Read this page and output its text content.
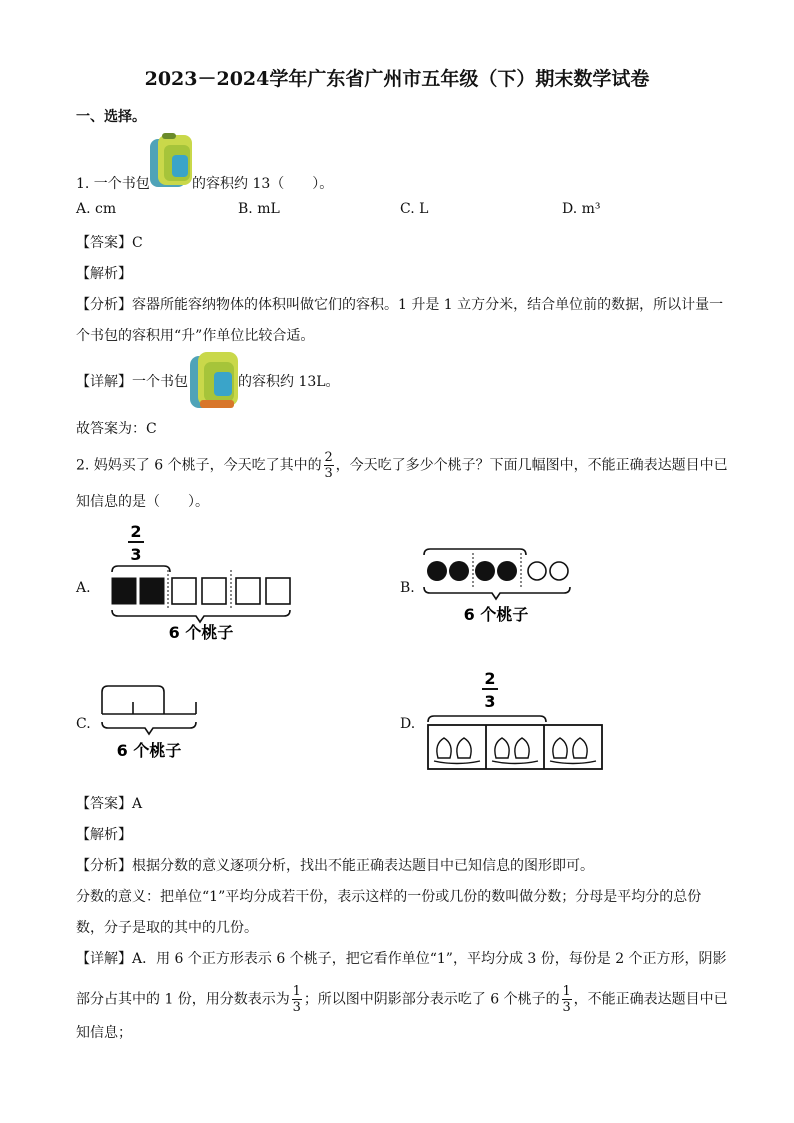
2023－2024学年广东省广州市五年级（下）期末数学试卷
一、选择。
1. 一个书包	的容积约 13（　　）。
A. cm	B. mL	C. L	D. m³
【答案】C
【解析】
【分析】容器所能容纳物体的体积叫做它们的容积。1 升是 1 立方分米，结合单位前的数据，所以计量一
个书包的容积用“升”作单位比较合适。
【详解】一个书包	的容积约 13L。
故答案为：C
2. 妈妈买了 6 个桃子，今天吃了其中的 $\frac{2}{3}$ ，今天吃了多少个桃子？下面几幅图中，不能正确表达题目中已
知信息的是（　　）。
A.
2
3
6 个桃子
B.
6 个桃子
C.
6 个桃子
D.
2
3
【答案】A
【解析】
【分析】根据分数的意义逐项分析，找出不能正确表达题目中已知信息的图形即可。
分数的意义：把单位“1”平均分成若干份，表示这样的一份或几份的数叫做分数；分母是平均分的总份
数，分子是取的其中的几份。
【详解】A．用 6 个正方形表示 6 个桃子，把它看作单位“1”，平均分成 3 份，每份是 2 个正方形，阴影
部分占其中的 1 份，用分数表示为 $\frac{1}{3}$ ；所以图中阴影部分表示吃了 6 个桃子的 $\frac{1}{3}$ ，不能正确表达题目中已
知信息；
